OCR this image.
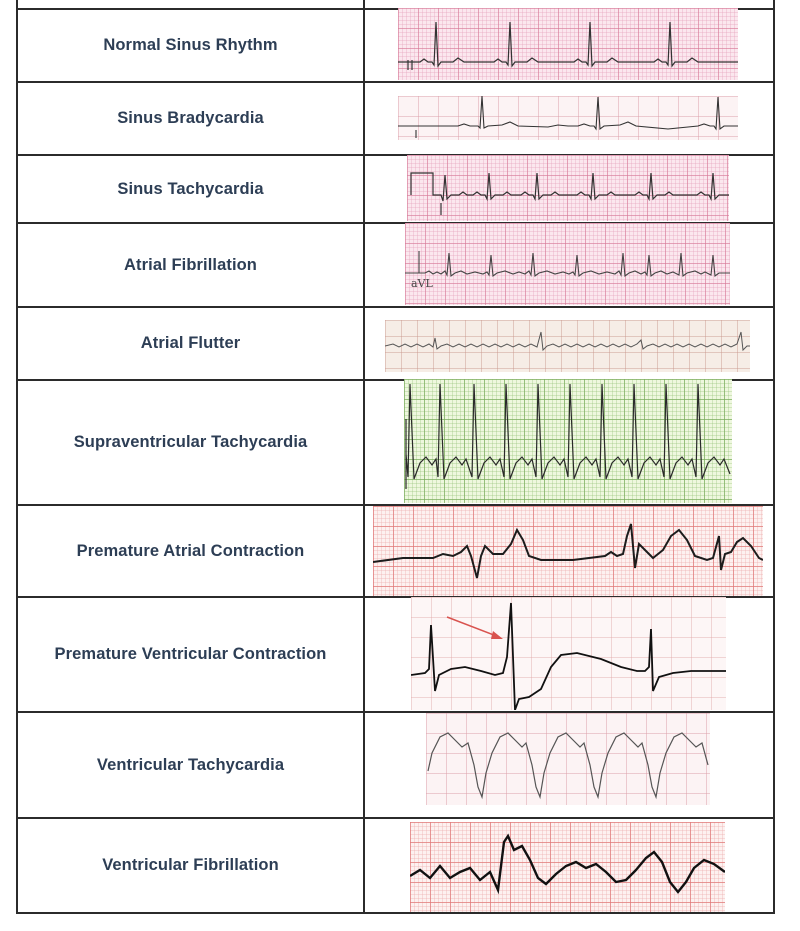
Normal Sinus Rhythm
Sinus Bradycardia
Sinus Tachycardia
Atrial Fibrillation
Atrial Flutter
Supraventricular Tachycardia
Premature Atrial Contraction
Premature Ventricular Contraction
Ventricular Tachycardia
Ventricular Fibrillation
aVL
